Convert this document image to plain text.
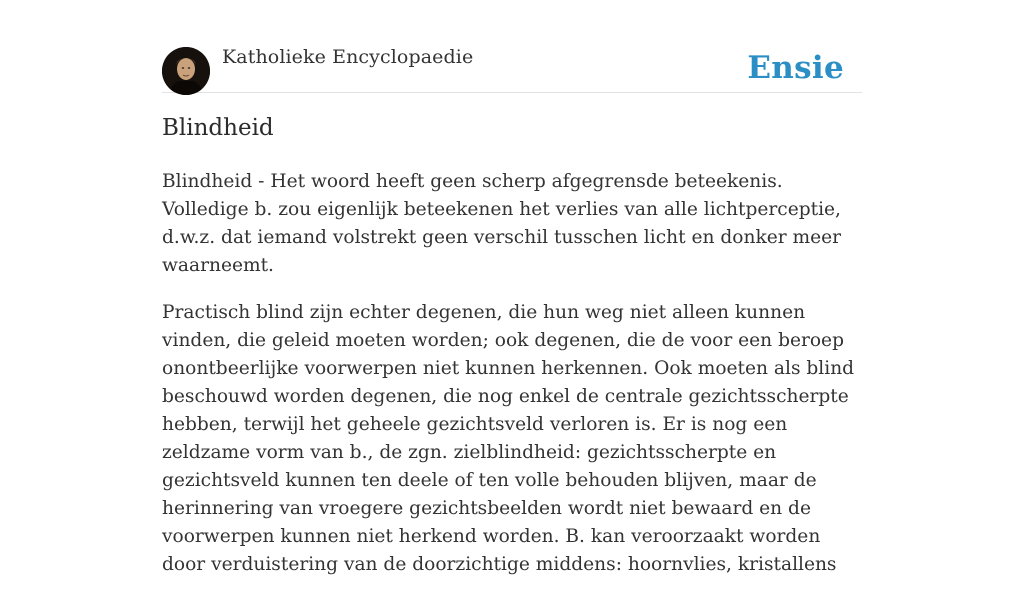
Katholieke Encyclopaedie	Ensie
Blindheid

Blindheid - Het woord heeft geen scherp afgegrensde beteekenis. Volledige b. zou eigenlijk beteekenen het verlies van alle lichtperceptie, d.w.z. dat iemand volstrekt geen verschil tusschen licht en donker meer waarneemt.

Practisch blind zijn echter degenen, die hun weg niet alleen kunnen vinden, die geleid moeten worden; ook degenen, die de voor een beroep onontbeerlijke voorwerpen niet kunnen herkennen. Ook moeten als blind beschouwd worden degenen, die nog enkel de centrale gezichtsscherpte hebben, terwijl het geheele gezichtsveld verloren is. Er is nog een zeldzame vorm van b., de zgn. zielblindheid: gezichtsscherpte en gezichtsveld kunnen ten deele of ten volle behouden blijven, maar de herinnering van vroegere gezichtsbeelden wordt niet bewaard en de voorwerpen kunnen niet herkend worden. B. kan veroorzaakt worden door verduistering van de doorzichtige middens: hoornvlies, kristallens
